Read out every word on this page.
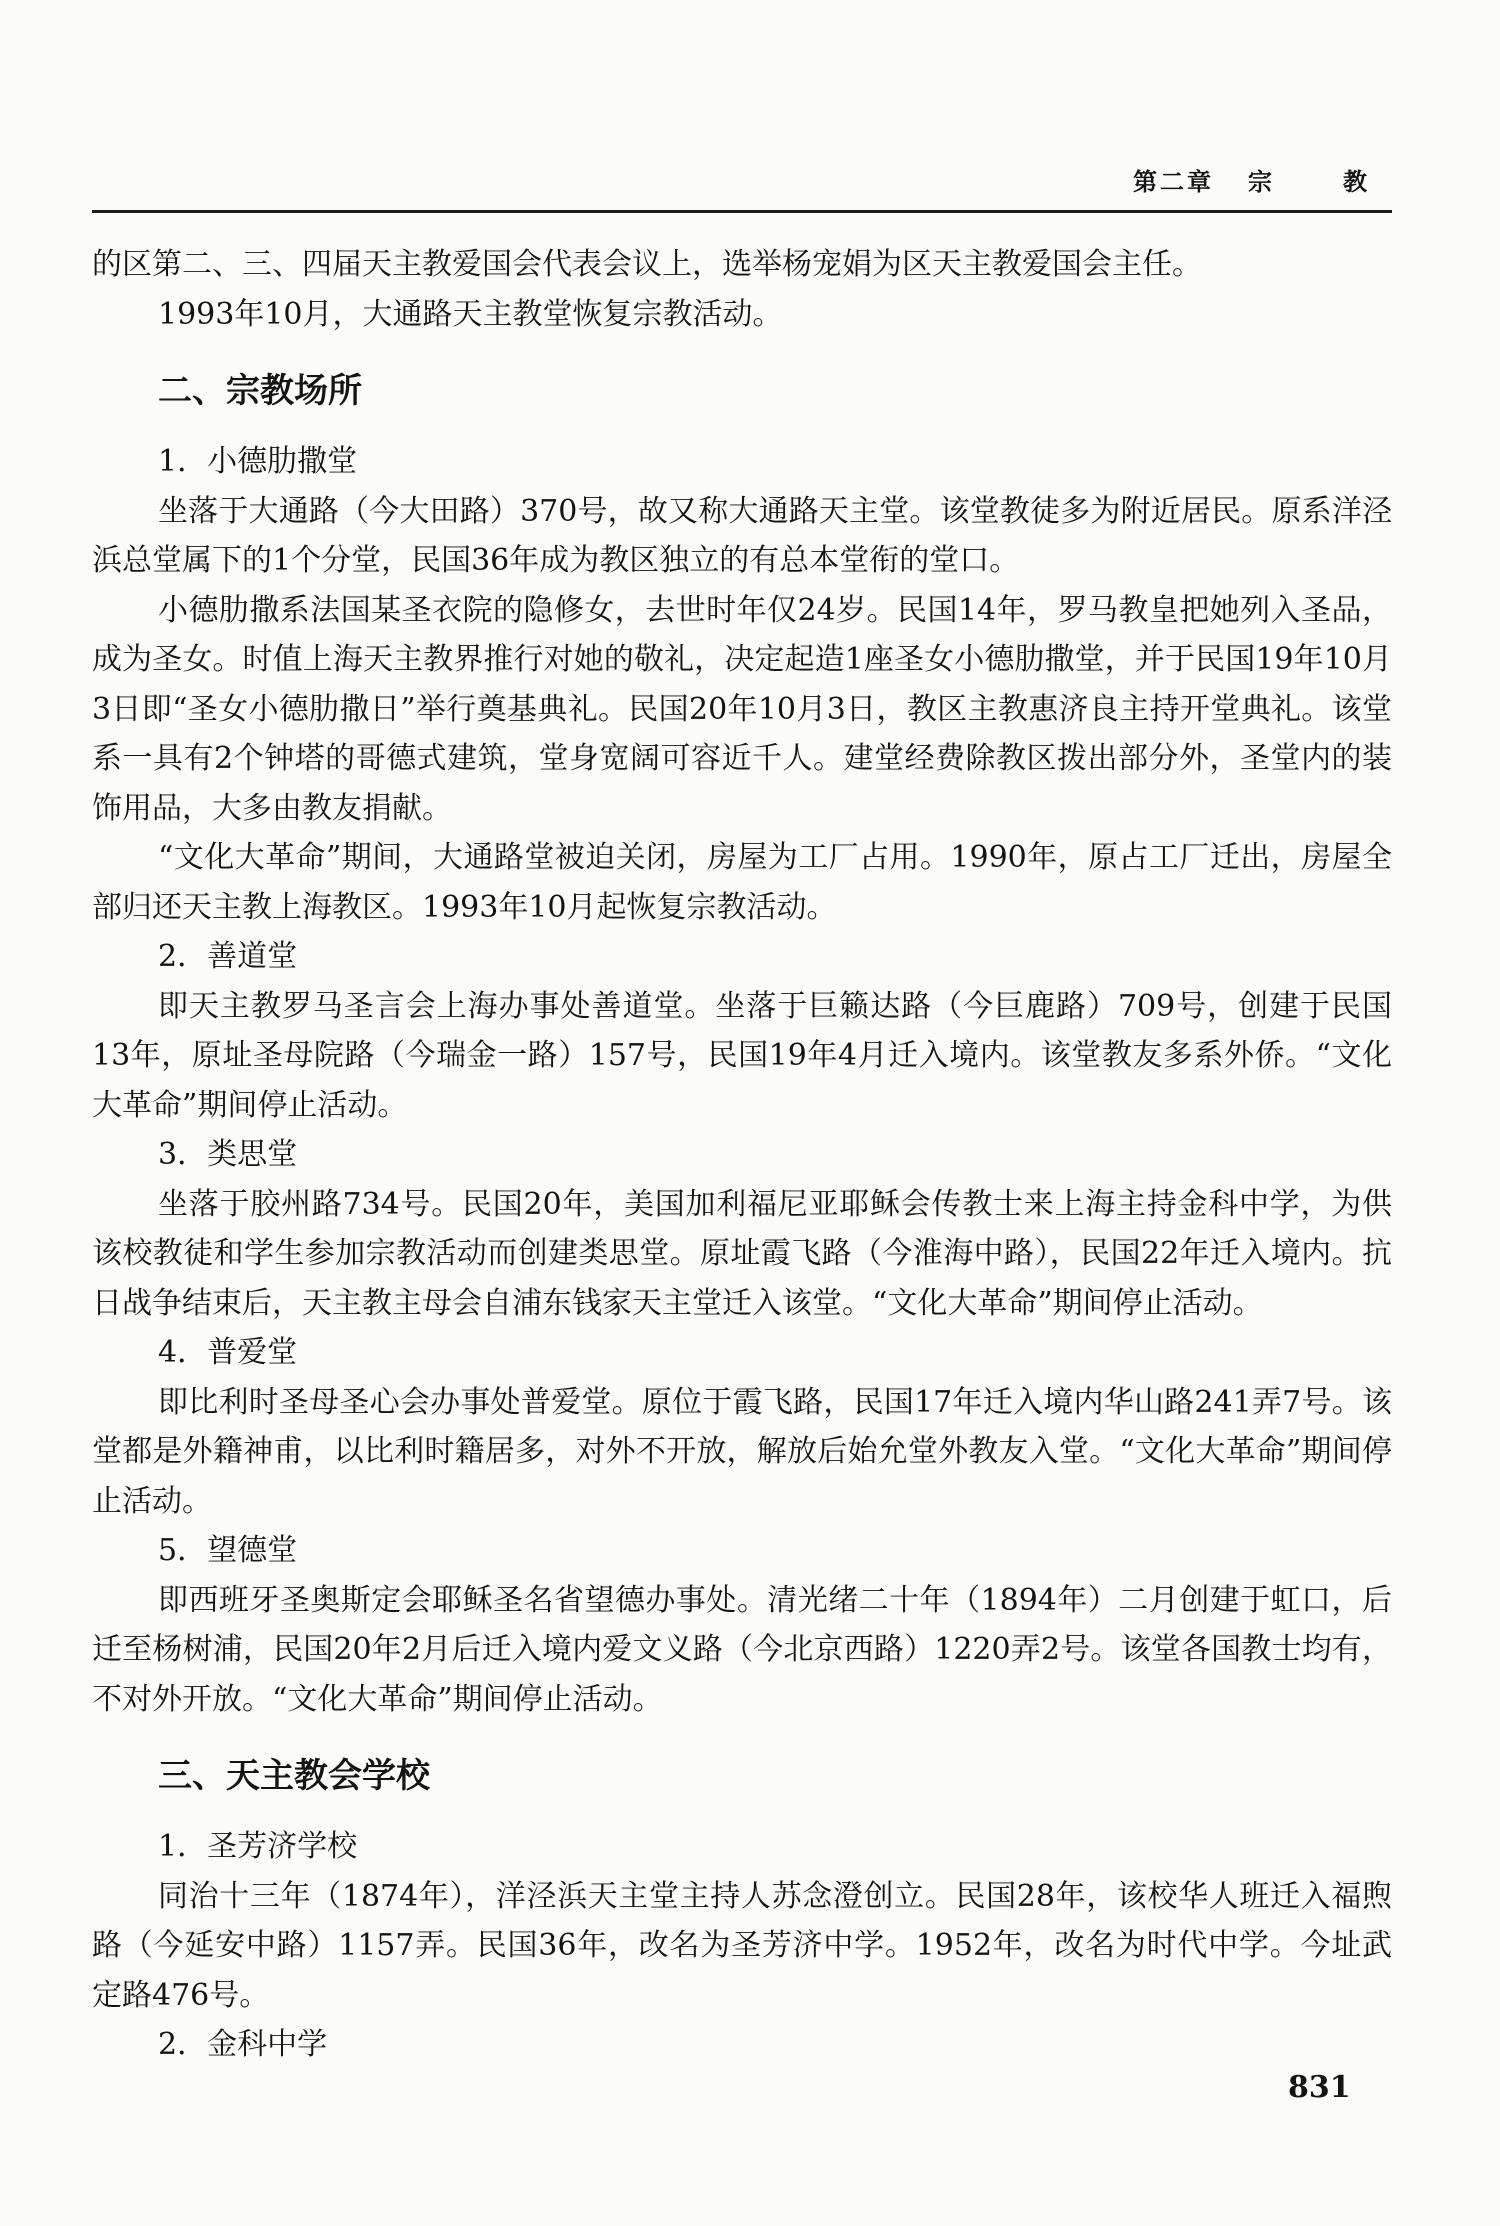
第二章 宗	教

的区第二、三、四届天主教爱国会代表会议上，选举杨宠娟为区天主教爱国会主任。

1993年10月，大通路天主教堂恢复宗教活动。

二、宗教场所

1．小德肋撒堂

坐落于大通路（今大田路）370号，故又称大通路天主堂。该堂教徒多为附近居民。原系洋泾浜总堂属下的1个分堂，民国36年成为教区独立的有总本堂衔的堂口。

小德肋撒系法国某圣衣院的隐修女，去世时年仅24岁。民国14年，罗马教皇把她列入圣品，成为圣女。时值上海天主教界推行对她的敬礼，决定起造1座圣女小德肋撒堂，并于民国19年10月3日即“圣女小德肋撒日”举行奠基典礼。民国20年10月3日，教区主教惠济良主持开堂典礼。该堂系一具有2个钟塔的哥德式建筑，堂身宽阔可容近千人。建堂经费除教区拨出部分外，圣堂内的装饰用品，大多由教友捐献。

“文化大革命”期间，大通路堂被迫关闭，房屋为工厂占用。1990年，原占工厂迁出，房屋全部归还天主教上海教区。1993年10月起恢复宗教活动。

2．善道堂

即天主教罗马圣言会上海办事处善道堂。坐落于巨籁达路（今巨鹿路）709号，创建于民国13年，原址圣母院路（今瑞金一路）157号，民国19年4月迁入境内。该堂教友多系外侨。“文化大革命”期间停止活动。

3．类思堂

坐落于胶州路734号。民国20年，美国加利福尼亚耶稣会传教士来上海主持金科中学，为供该校教徒和学生参加宗教活动而创建类思堂。原址霞飞路（今淮海中路），民国22年迁入境内。抗日战争结束后，天主教主母会自浦东钱家天主堂迁入该堂。“文化大革命”期间停止活动。

4．普爱堂

即比利时圣母圣心会办事处普爱堂。原位于霞飞路，民国17年迁入境内华山路241弄7号。该堂都是外籍神甫，以比利时籍居多，对外不开放，解放后始允堂外教友入堂。“文化大革命”期间停止活动。

5．望德堂

即西班牙圣奥斯定会耶稣圣名省望德办事处。清光绪二十年（1894年）二月创建于虹口，后迁至杨树浦，民国20年2月后迁入境内爱文义路（今北京西路）1220弄2号。该堂各国教士均有，不对外开放。“文化大革命”期间停止活动。

三、天主教会学校

1．圣芳济学校

同治十三年（1874年），洋泾浜天主堂主持人苏念澄创立。民国28年，该校华人班迁入福煦路（今延安中路）1157弄。民国36年，改名为圣芳济中学。1952年，改名为时代中学。今址武定路476号。

2．金科中学

831
